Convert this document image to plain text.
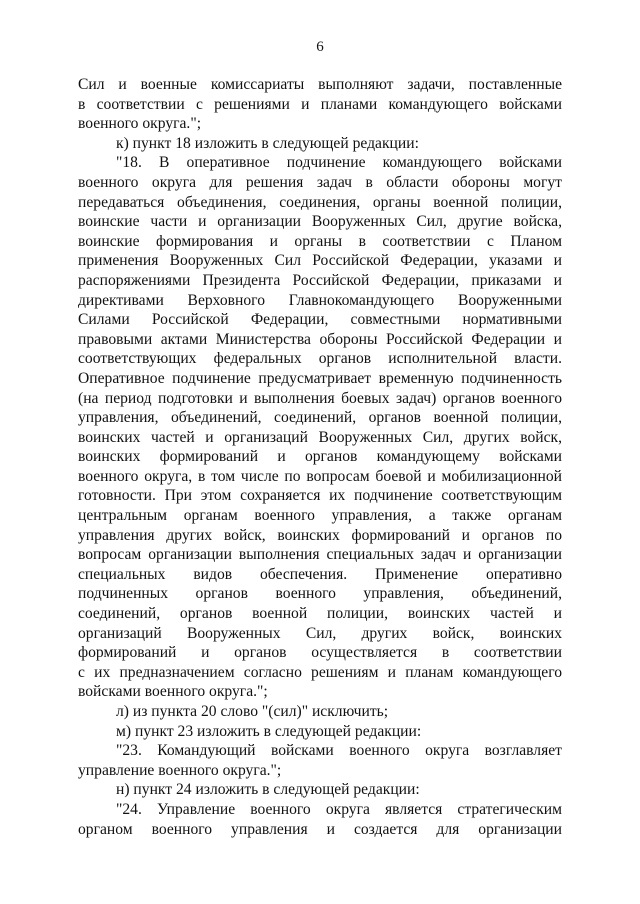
6
Сил и военные комиссариаты выполняют задачи, поставленные
в соответствии с решениями и планами командующего войсками
военного округа.";
к) пункт 18 изложить в следующей редакции:
"18. В оперативное подчинение командующего войсками
военного округа для решения задач в области обороны могут
передаваться объединения, соединения, органы военной полиции,
воинские части и организации Вооруженных Сил, другие войска,
воинские формирования и органы в соответствии с Планом
применения Вооруженных Сил Российской Федерации, указами и
распоряжениями Президента Российской Федерации, приказами и
директивами Верховного Главнокомандующего Вооруженными
Силами Российской Федерации, совместными нормативными
правовыми актами Министерства обороны Российской Федерации и
соответствующих федеральных органов исполнительной власти.
Оперативное подчинение предусматривает временную подчиненность
(на период подготовки и выполнения боевых задач) органов военного
управления, объединений, соединений, органов военной полиции,
воинских частей и организаций Вооруженных Сил, других войск,
воинских формирований и органов командующему войсками
военного округа, в том числе по вопросам боевой и мобилизационной
готовности. При этом сохраняется их подчинение соответствующим
центральным органам военного управления, а также органам
управления других войск, воинских формирований и органов по
вопросам организации выполнения специальных задач и организации
специальных видов обеспечения. Применение оперативно
подчиненных органов военного управления, объединений,
соединений, органов военной полиции, воинских частей и
организаций Вооруженных Сил, других войск, воинских
формирований и органов осуществляется в соответствии
с их предназначением согласно решениям и планам командующего
войсками военного округа.";
л) из пункта 20 слово "(сил)" исключить;
м) пункт 23 изложить в следующей редакции:
"23. Командующий войсками военного округа возглавляет
управление военного округа.";
н) пункт 24 изложить в следующей редакции:
"24. Управление военного округа является стратегическим
органом военного управления и создается для организации
